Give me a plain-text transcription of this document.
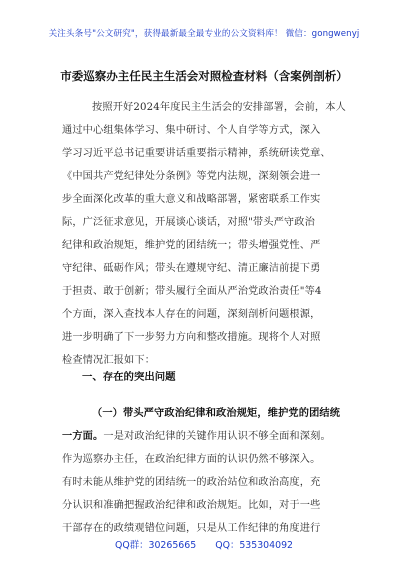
关注头条号"公文研究"，获得最新最全最专业的公文资料库！ 微信：gongwenyj
市委巡察办主任民主生活会对照检查材料（含案例剖析）
按照开好2024年度民主生活会的安排部署，会前，本人
通过中心组集体学习、集中研讨、个人自学等方式，深入
学习习近平总书记重要讲话重要指示精神，系统研读党章、
《中国共产党纪律处分条例》等党内法规，深刻领会进一
步全面深化改革的重大意义和战略部署，紧密联系工作实
际，广泛征求意见，开展谈心谈话，对照"带头严守政治
纪律和政治规矩，维护党的团结统一；带头增强党性、严
守纪律、砥砺作风；带头在遵规守纪、清正廉洁前提下勇
于担责、敢于创新；带头履行全面从严治党政治责任"等4
个方面，深入查找本人存在的问题，深刻剖析问题根源，
进一步明确了下一步努力方向和整改措施。现将个人对照
检查情况汇报如下：
一、存在的突出问题
（一）带头严守政治纪律和政治规矩，维护党的团结统
一方面。一是对政治纪律的关键作用认识不够全面和深刻。
作为巡察办主任，在政治纪律方面的认识仍然不够深入。
有时未能从维护党的团结统一的政治站位和政治高度，充
分认识和准确把握政治纪律和政治规矩。比如，对于一些
干部存在的政绩观错位问题，只是从工作纪律的角度进行
QQ群：30265665 QQ：535304092
